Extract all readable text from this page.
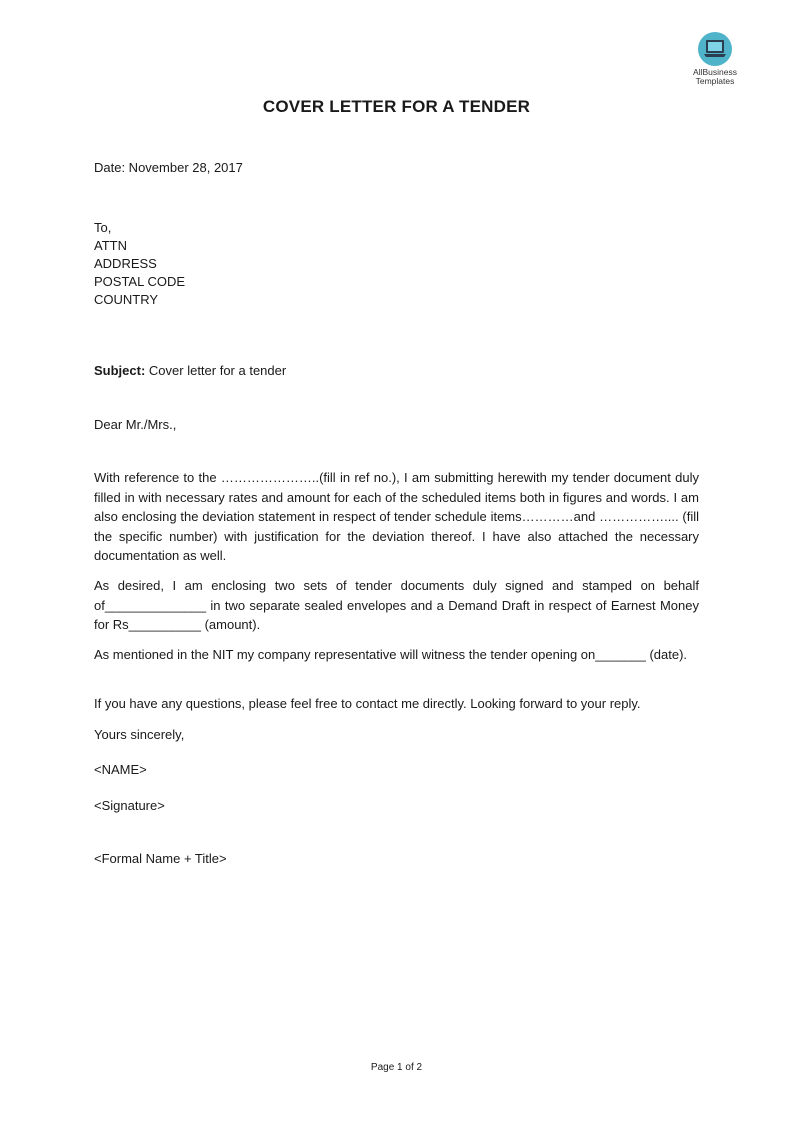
AllBusiness
Templates
COVER LETTER FOR A TENDER
Date: November 28, 2017
To,
ATTN
ADDRESS
POSTAL CODE
COUNTRY
Subject: Cover letter for a tender
Dear Mr./Mrs.,
With reference to the …………………..(fill in ref no.), I am submitting herewith my tender document duly filled in with necessary rates and amount for each of the scheduled items both in figures and words. I am also enclosing the deviation statement in respect of tender schedule items…………and …………….... (fill the specific number) with justification for the deviation thereof. I have also attached the necessary documentation as well.
As desired, I am enclosing two sets of tender documents duly signed and stamped on behalf of______________ in two separate sealed envelopes and a Demand Draft in respect of Earnest Money for Rs__________ (amount).
As mentioned in the NIT my company representative will witness the tender opening on_______ (date).
If you have any questions, please feel free to contact me directly. Looking forward to your reply.
Yours sincerely,
<NAME>
<Signature>
<Formal Name + Title>
Page 1 of 2
